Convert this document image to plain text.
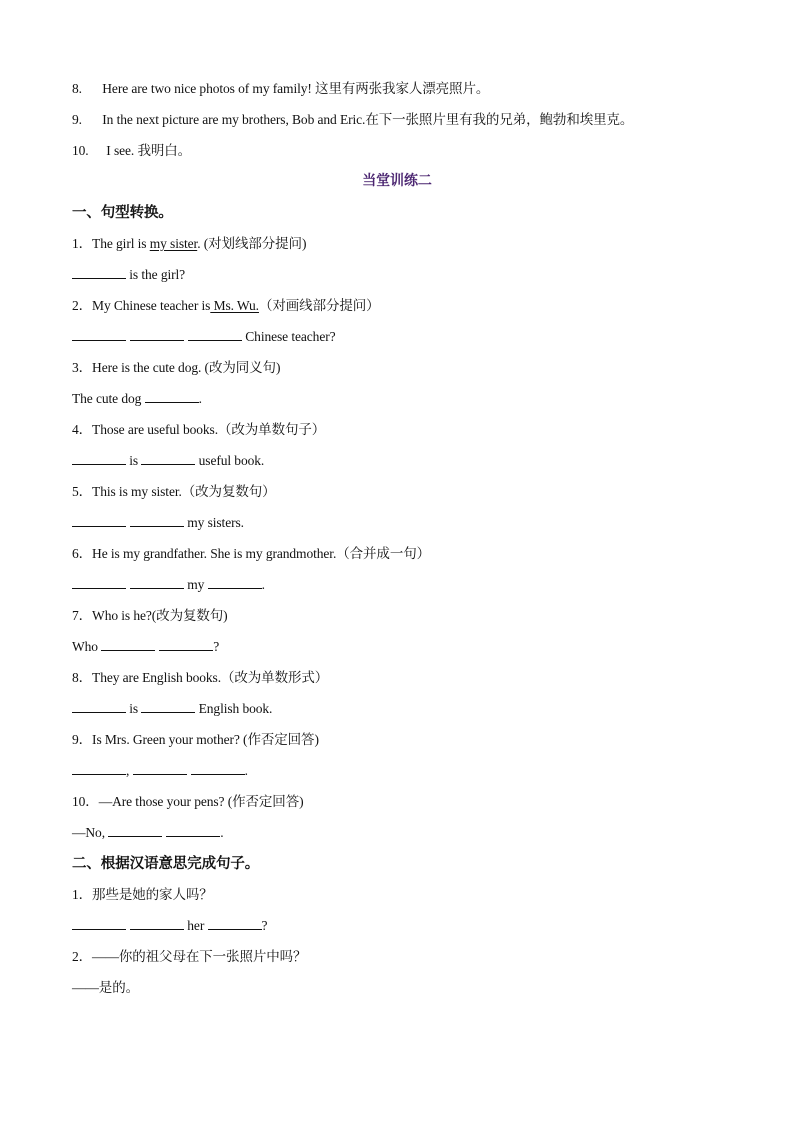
8. Here are two nice photos of my family! 这里有两张我家人漂亮照片。
9. In the next picture are my brothers, Bob and Eric.在下一张照片里有我的兄弟，鲍勃和埃里克。
10. I see. 我明白。
当堂训练二
一、句型转换。
1．The girl is my sister. (对划线部分提问)
is the girl?
2．My Chinese teacher is Ms. Wu.（对画线部分提问）
Chinese teacher?
3．Here is the cute dog. (改为同义句)
The cute dog	.
4．Those are useful books.（改为单数句子）
is	useful book.
5．This is my sister.（改为复数句）
my sisters.
6．He is my grandfather. She is my grandmother.（合并成一句）
my	.
7．Who is he?(改为复数句)
Who	?
8．They are English books.（改为单数形式）
is	English book.
9．Is Mrs. Green your mother? (作否定回答)
,	.
10．—Are those your pens? (作否定回答)
—No,	.
二、根据汉语意思完成句子。
1．那些是她的家人吗？
her	?
2．——你的祖父母在下一张照片中吗？
——是的。
